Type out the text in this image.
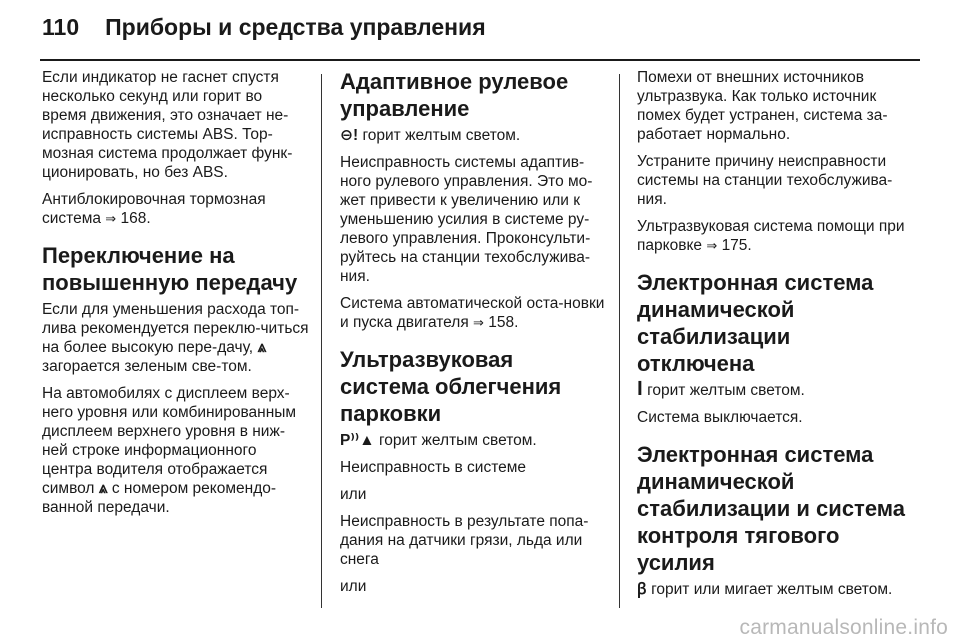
110 Приборы и средства управления

Если индикатор не гаснет спустя несколько секунд или горит во время движения, это означает не-исправность системы ABS. Тор-мозная система продолжает функ-ционировать, но без ABS.

Антиблокировочная тормозная система ⇒ 168.

Переключение на повышенную передачу

Если для уменьшения расхода топ-лива рекомендуется переклю-читься на более высокую пере-дачу, ⩓ загорается зеленым све-том.

На автомобилях с дисплеем верх-него уровня или комбинированным дисплеем верхнего уровня в ниж-ней строке информационного центра водителя отображается символ ⩓ с номером рекомендо-ванной передачи.

Адаптивное рулевое управление

⊖! горит желтым светом.

Неисправность системы адаптив-ного рулевого управления. Это мо-жет привести к увеличению или к уменьшению усилия в системе ру-левого управления. Проконсульти-руйтесь на станции техобслужива-ния.

Система автоматической оста-новки и пуска двигателя ⇒ 158.

Ультразвуковая система облегчения парковки

P⁾⁾▲ горит желтым светом.

Неисправность в системе

или

Неисправность в результате попа-дания на датчики грязи, льда или снега

или

Помехи от внешних источников ультразвука. Как только источник помех будет устранен, система за-работает нормально.

Устраните причину неисправности системы на станции техобслужива-ния.

Ультразвуковая система помощи при парковке ⇒ 175.

Электронная система динамической стабилизации отключена

ꟾ горит желтым светом.

Система выключается.

Электронная система динамической стабилизации и система контроля тягового усилия

ꞵ горит или мигает желтым светом.

carmanualsonline.info
